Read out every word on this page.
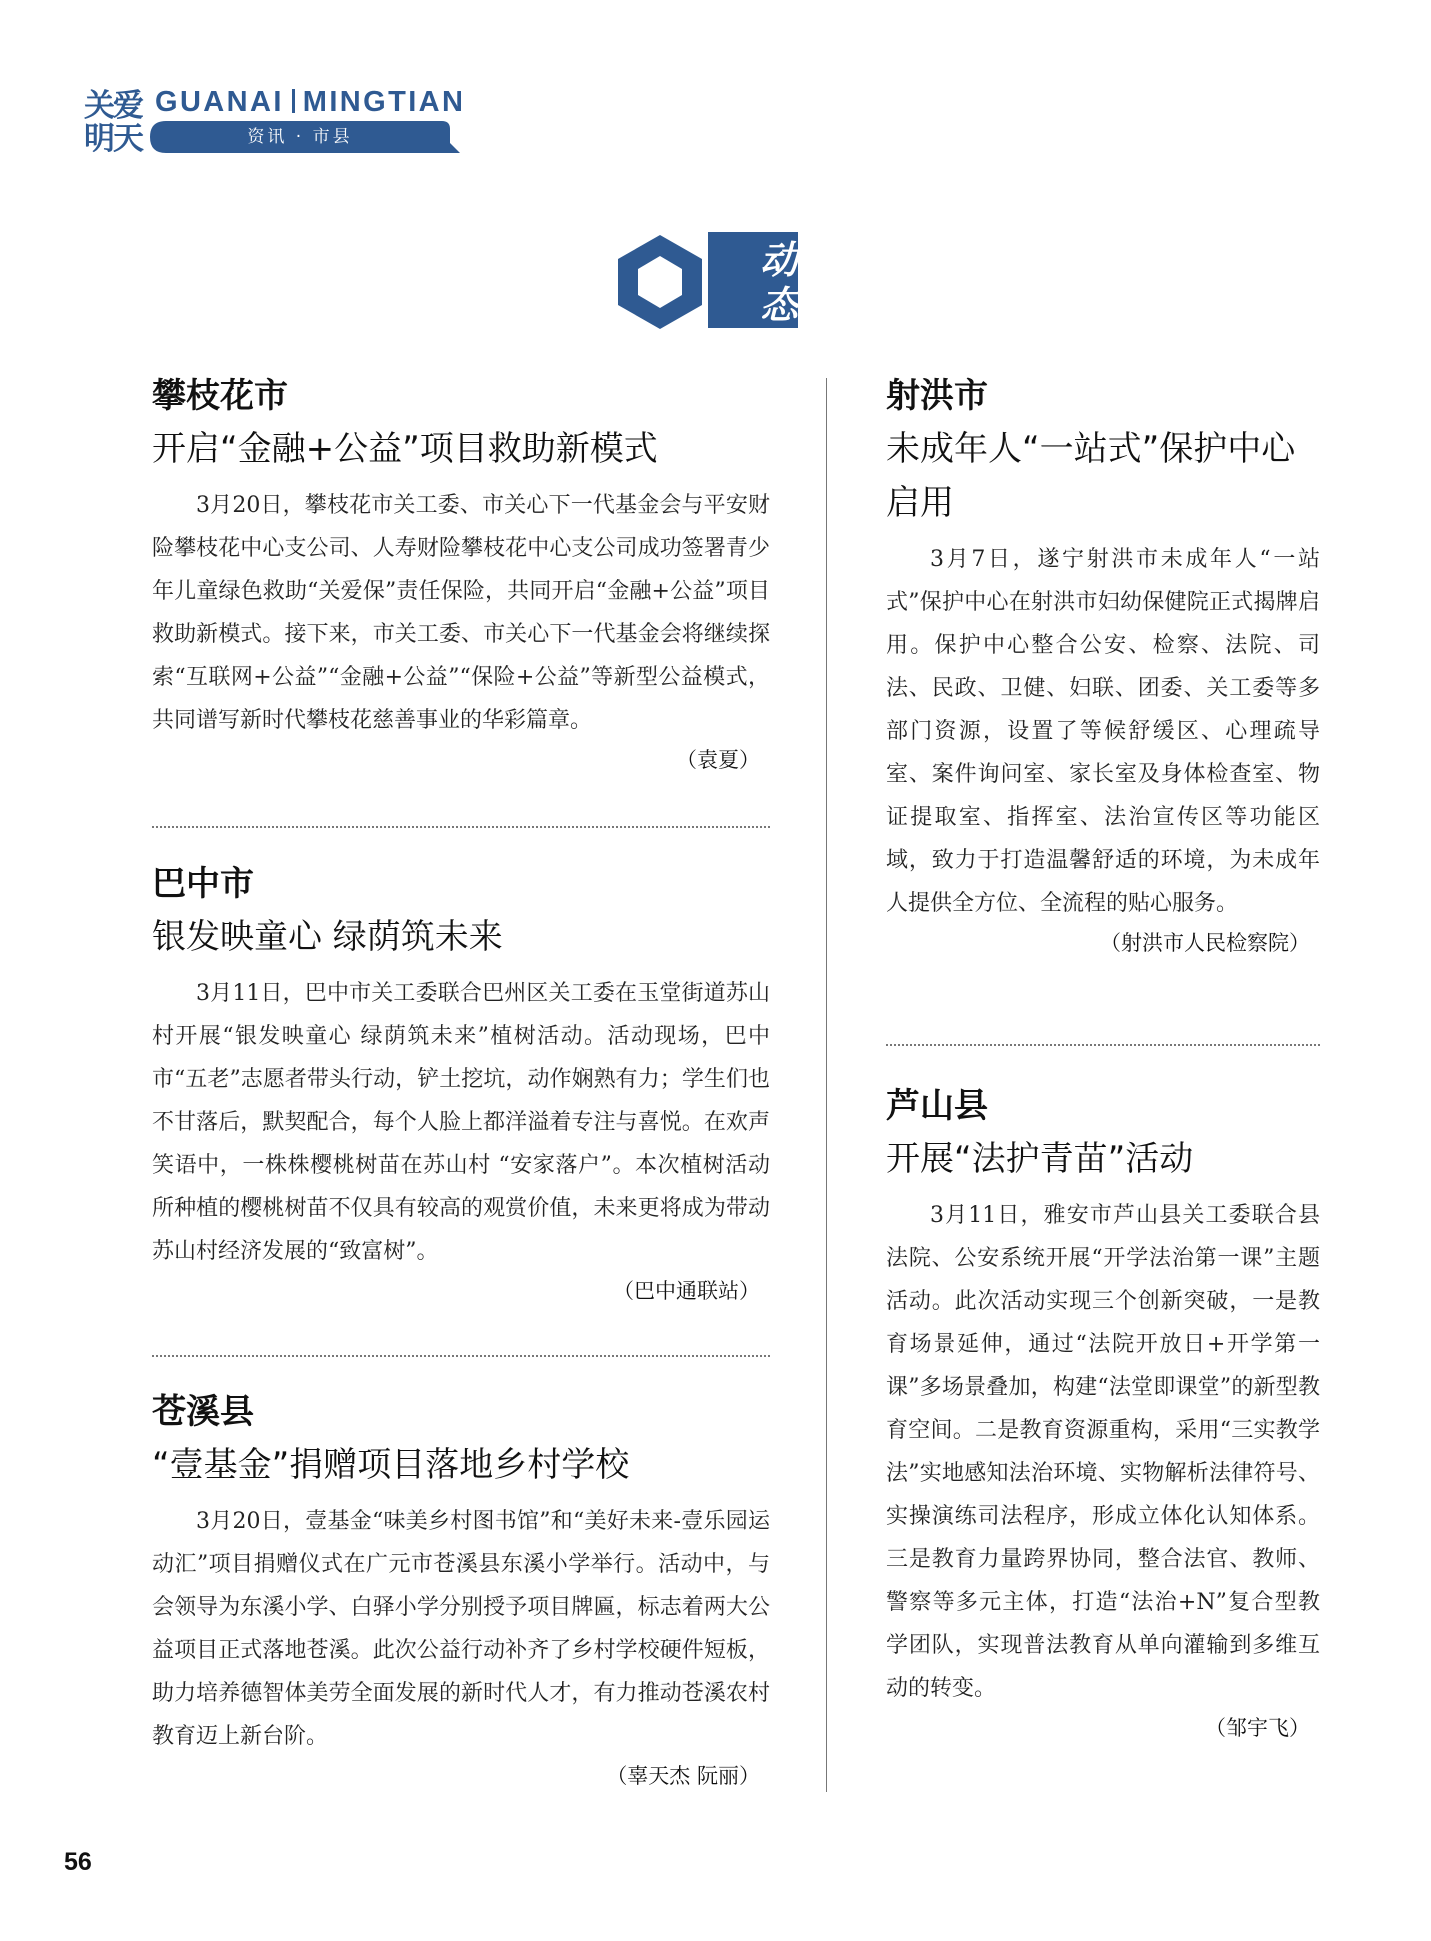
关爱明天
GUANAI MINGTIAN
资讯 · 市县
动态
攀枝花市
开启“金融+公益”项目救助新模式

3月20日，攀枝花市关工委、市关心下一代基金会与平安财险攀枝花中心支公司、人寿财险攀枝花中心支公司成功签署青少年儿童绿色救助“关爱保”责任保险，共同开启“金融+公益”项目救助新模式。接下来，市关工委、市关心下一代基金会将继续探索“互联网+公益”“金融+公益”“保险+公益”等新型公益模式，共同谱写新时代攀枝花慈善事业的华彩篇章。

（袁夏）
巴中市
银发映童心 绿荫筑未来

3月11日，巴中市关工委联合巴州区关工委在玉堂街道苏山村开展“银发映童心 绿荫筑未来”植树活动。活动现场，巴中市“五老”志愿者带头行动，铲土挖坑，动作娴熟有力；学生们也不甘落后，默契配合，每个人脸上都洋溢着专注与喜悦。在欢声笑语中，一株株樱桃树苗在苏山村 “安家落户”。本次植树活动所种植的樱桃树苗不仅具有较高的观赏价值，未来更将成为带动苏山村经济发展的“致富树”。

（巴中通联站）
苍溪县
“壹基金”捐赠项目落地乡村学校

3月20日，壹基金“味美乡村图书馆”和“美好未来-壹乐园运动汇”项目捐赠仪式在广元市苍溪县东溪小学举行。活动中，与会领导为东溪小学、白驿小学分别授予项目牌匾，标志着两大公益项目正式落地苍溪。此次公益行动补齐了乡村学校硬件短板，助力培养德智体美劳全面发展的新时代人才，有力推动苍溪农村教育迈上新台阶。

（辜天杰 阮丽）
射洪市
未成年人“一站式”保护中心启用

3月7日，遂宁射洪市未成年人“一站式”保护中心在射洪市妇幼保健院正式揭牌启用。保护中心整合公安、检察、法院、司法、民政、卫健、妇联、团委、关工委等多部门资源，设置了等候舒缓区、心理疏导室、案件询问室、家长室及身体检查室、物证提取室、指挥室、法治宣传区等功能区域，致力于打造温馨舒适的环境，为未成年人提供全方位、全流程的贴心服务。

（射洪市人民检察院）
芦山县
开展“法护青苗”活动

3月11日，雅安市芦山县关工委联合县法院、公安系统开展“开学法治第一课”主题活动。此次活动实现三个创新突破，一是教育场景延伸，通过“法院开放日+开学第一课”多场景叠加，构建“法堂即课堂”的新型教育空间。二是教育资源重构，采用“三实教学法”实地感知法治环境、实物解析法律符号、实操演练司法程序，形成立体化认知体系。三是教育力量跨界协同，整合法官、教师、警察等多元主体，打造“法治+N”复合型教学团队，实现普法教育从单向灌输到多维互动的转变。

（邹宇飞）
56
